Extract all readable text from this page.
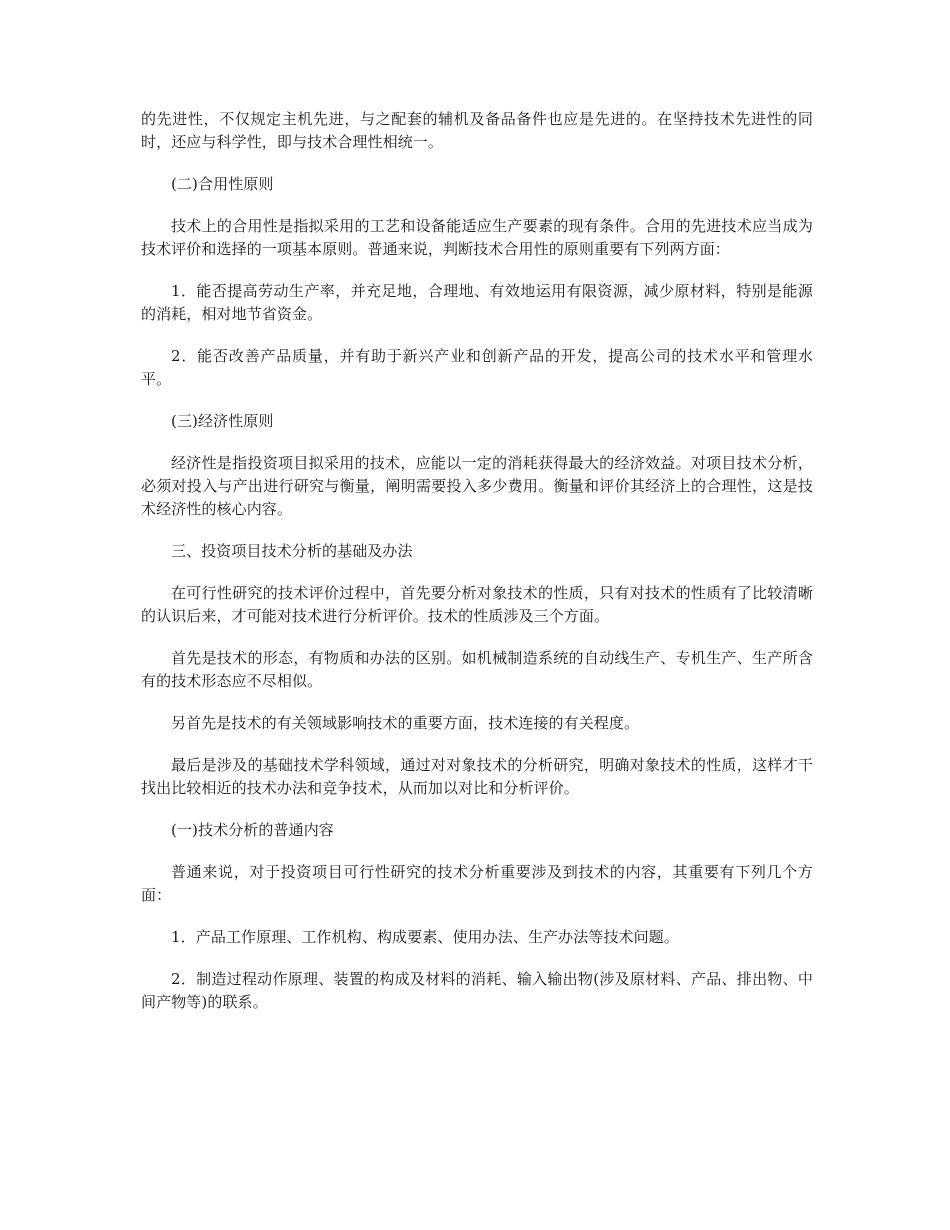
的先进性，不仅规定主机先进，与之配套的辅机及备品备件也应是先进的。在坚持技术先进性的同时，还应与科学性，即与技术合理性相统一。

(二)合用性原则

技术上的合用性是指拟采用的工艺和设备能适应生产要素的现有条件。合用的先进技术应当成为技术评价和选择的一项基本原则。普通来说，判断技术合用性的原则重要有下列两方面：

1．能否提高劳动生产率，并充足地，合理地、有效地运用有限资源，减少原材料，特别是能源的消耗，相对地节省资金。

2．能否改善产品质量，并有助于新兴产业和创新产品的开发，提高公司的技术水平和管理水平。

(三)经济性原则

经济性是指投资项目拟采用的技术，应能以一定的消耗获得最大的经济效益。对项目技术分析，必须对投入与产出进行研究与衡量，阐明需要投入多少费用。衡量和评价其经济上的合理性，这是技术经济性的核心内容。

三、投资项目技术分析的基础及办法

在可行性研究的技术评价过程中，首先要分析对象技术的性质，只有对技术的性质有了比较清晰的认识后来，才可能对技术进行分析评价。技术的性质涉及三个方面。

首先是技术的形态，有物质和办法的区别。如机械制造系统的自动线生产、专机生产、生产所含有的技术形态应不尽相似。

另首先是技术的有关领域影响技术的重要方面，技术连接的有关程度。

最后是涉及的基础技术学科领域，通过对对象技术的分析研究，明确对象技术的性质，这样才干找出比较相近的技术办法和竞争技术，从而加以对比和分析评价。

(一)技术分析的普通内容

普通来说，对于投资项目可行性研究的技术分析重要涉及到技术的内容，其重要有下列几个方面：

1．产品工作原理、工作机构、构成要素、使用办法、生产办法等技术问题。

2．制造过程动作原理、装置的构成及材料的消耗、输入输出物(涉及原材料、产品、排出物、中间产物等)的联系。
